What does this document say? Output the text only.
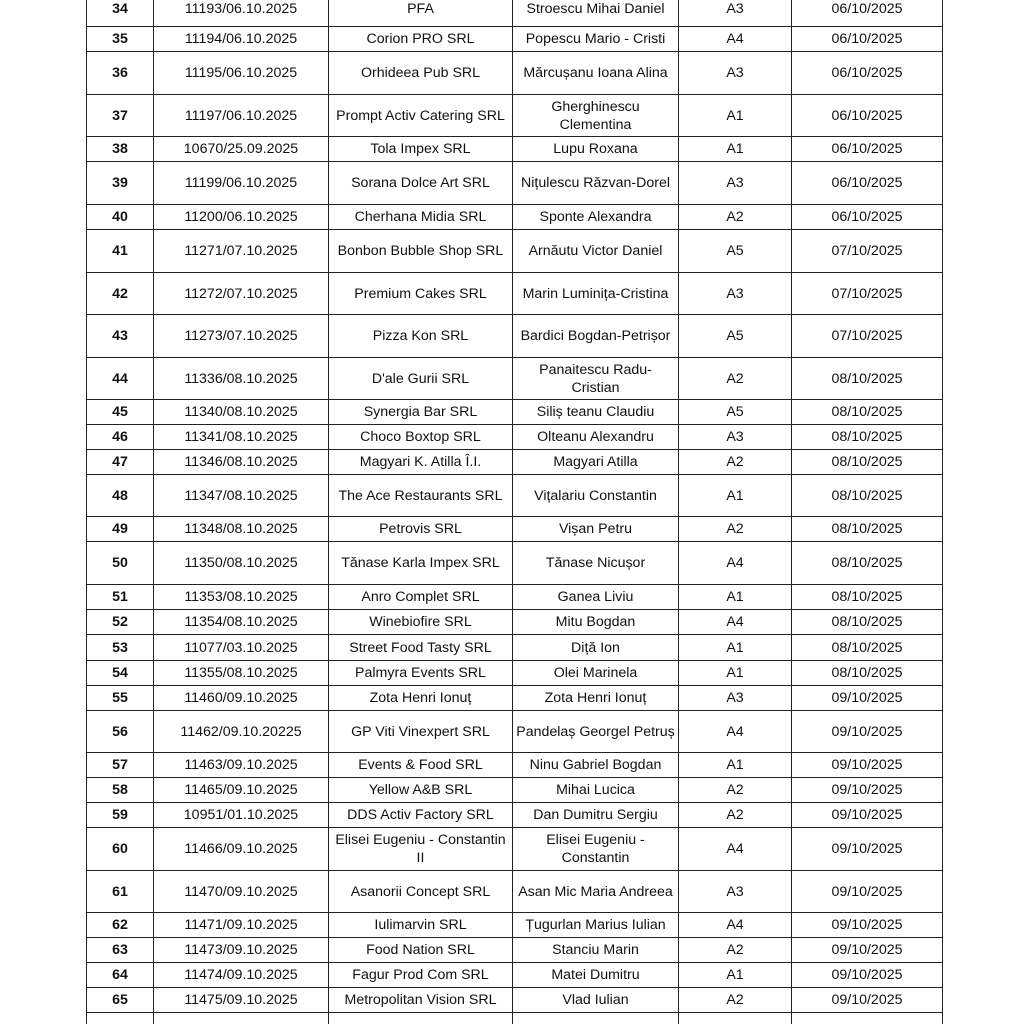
34	11193/06.10.2025	PFA	Stroescu Mihai Daniel	A3	06/10/2025
35	11194/06.10.2025	Corion PRO SRL	Popescu Mario - Cristi	A4	06/10/2025
36	11195/06.10.2025	Orhideea Pub SRL	Mărcușanu Ioana Alina	A3	06/10/2025
37	11197/06.10.2025	Prompt Activ Catering SRL	Gherghinescu Clementina	A1	06/10/2025
38	10670/25.09.2025	Tola Impex SRL	Lupu Roxana	A1	06/10/2025
39	11199/06.10.2025	Sorana Dolce Art SRL	Nițulescu Răzvan-Dorel	A3	06/10/2025
40	11200/06.10.2025	Cherhana Midia SRL	Sponte Alexandra	A2	06/10/2025
41	11271/07.10.2025	Bonbon Bubble Shop SRL	Arnăutu Victor Daniel	A5	07/10/2025
42	11272/07.10.2025	Premium Cakes SRL	Marin Luminița-Cristina	A3	07/10/2025
43	11273/07.10.2025	Pizza Kon SRL	Bardici Bogdan-Petrișor	A5	07/10/2025
44	11336/08.10.2025	D'ale Gurii SRL	Panaitescu Radu-Cristian	A2	08/10/2025
45	11340/08.10.2025	Synergia Bar SRL	Siliș teanu Claudiu	A5	08/10/2025
46	11341/08.10.2025	Choco Boxtop SRL	Olteanu Alexandru	A3	08/10/2025
47	11346/08.10.2025	Magyari K. Atilla Î.I.	Magyari Atilla	A2	08/10/2025
48	11347/08.10.2025	The Ace Restaurants SRL	Vițalariu Constantin	A1	08/10/2025
49	11348/08.10.2025	Petrovis SRL	Vișan Petru	A2	08/10/2025
50	11350/08.10.2025	Tănase Karla Impex SRL	Tănase Nicușor	A4	08/10/2025
51	11353/08.10.2025	Anro Complet SRL	Ganea Liviu	A1	08/10/2025
52	11354/08.10.2025	Winebiofire SRL	Mitu Bogdan	A4	08/10/2025
53	11077/03.10.2025	Street Food Tasty SRL	Diță Ion	A1	08/10/2025
54	11355/08.10.2025	Palmyra Events SRL	Olei Marinela	A1	08/10/2025
55	11460/09.10.2025	Zota Henri Ionuț	Zota Henri Ionuț	A3	09/10/2025
56	11462/09.10.20225	GP Viti Vinexpert SRL	Pandelaș Georgel Petruș	A4	09/10/2025
57	11463/09.10.2025	Events & Food SRL	Ninu Gabriel Bogdan	A1	09/10/2025
58	11465/09.10.2025	Yellow A&B SRL	Mihai Lucica	A2	09/10/2025
59	10951/01.10.2025	DDS Activ Factory SRL	Dan Dumitru Sergiu	A2	09/10/2025
60	11466/09.10.2025	Elisei Eugeniu - Constantin II	Elisei Eugeniu - Constantin	A4	09/10/2025
61	11470/09.10.2025	Asanorii Concept SRL	Asan Mic Maria Andreea	A3	09/10/2025
62	11471/09.10.2025	Iulimarvin SRL	Țugurlan Marius Iulian	A4	09/10/2025
63	11473/09.10.2025	Food Nation SRL	Stanciu Marin	A2	09/10/2025
64	11474/09.10.2025	Fagur Prod Com SRL	Matei Dumitru	A1	09/10/2025
65	11475/09.10.2025	Metropolitan Vision SRL	Vlad Iulian	A2	09/10/2025
